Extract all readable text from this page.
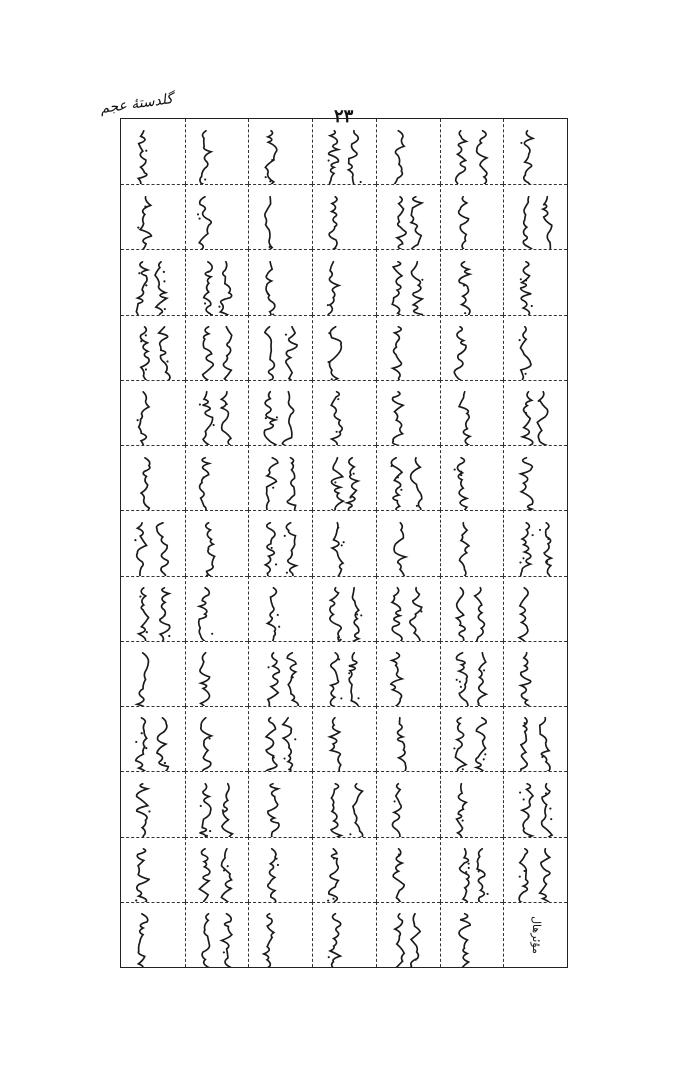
گلدستهٔ عجم	۲۳
مۇئرهال
